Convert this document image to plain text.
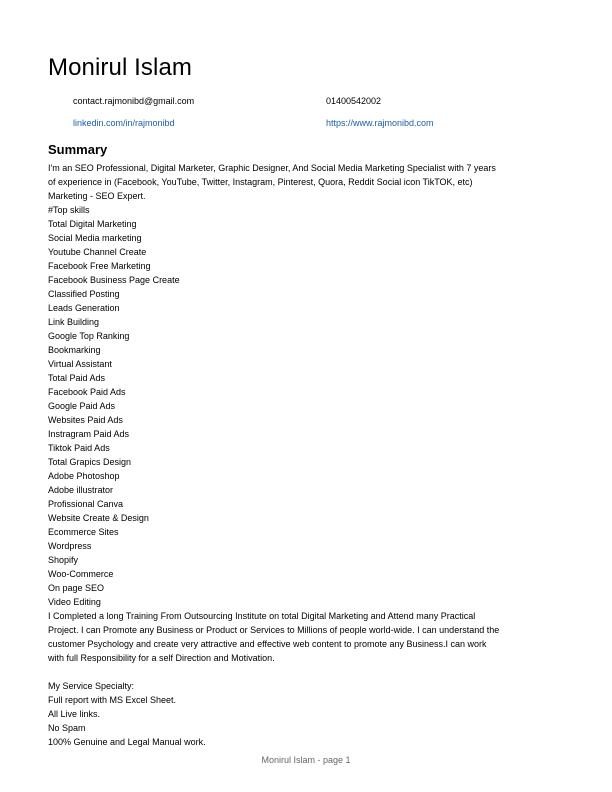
Monirul Islam
contact.rajmonibd@gmail.com	01400542002
linkedin.com/in/rajmonibd	https://www.rajmonibd.com
Summary
I'm an SEO Professional, Digital Marketer, Graphic Designer, And Social Media Marketing Specialist with 7 years
of experience in (Facebook, YouTube, Twitter, Instagram, Pinterest, Quora, Reddit Social icon TikTOK, etc)
Marketing - SEO Expert.
#Top skills
Total Digital Marketing
Social Media marketing
Youtube Channel Create
Facebook Free Marketing
Facebook Business Page Create
Classified Posting
Leads Generation
Link Building
Google Top Ranking
Bookmarking
Virtual Assistant
Total Paid Ads
Facebook Paid Ads
Google Paid Ads
Websites Paid Ads
Instragram Paid Ads
Tiktok Paid Ads
Total Grapics Design
Adobe Photoshop
Adobe illustrator
Profissional Canva
Website Create & Design
Ecommerce Sites
Wordpress
Shopify
Woo-Commerce
On page SEO
Video Editing
I Completed a long Training From Outsourcing Institute on total Digital Marketing and Attend many Practical
Project. I can Promote any Business or Product or Services to Millions of people world-wide. I can understand the
customer Psychology and create very attractive and effective web content to promote any Business.I can work
with full Responsibility for a self Direction and Motivation.
My Service Specialty:
Full report with MS Excel Sheet.
All Live links.
No Spam
100% Genuine and Legal Manual work.
Monirul Islam - page 1
